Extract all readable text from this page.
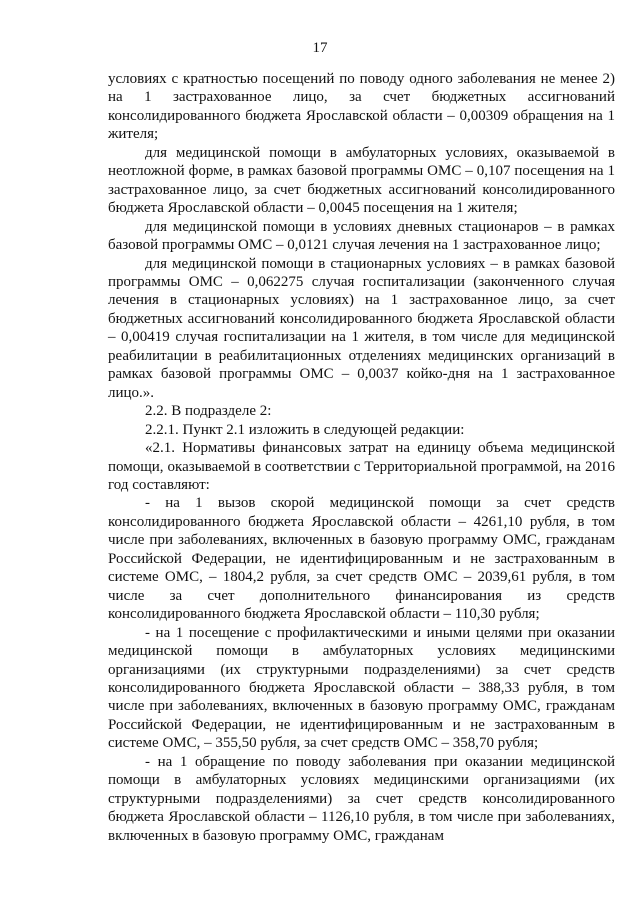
17

условиях с кратностью посещений по поводу одного заболевания не менее 2) на 1 застрахованное лицо, за счет бюджетных ассигнований консолидированного бюджета Ярославской области – 0,00309 обращения на 1 жителя;

для медицинской помощи в амбулаторных условиях, оказываемой в неотложной форме, в рамках базовой программы ОМС – 0,107 посещения на 1 застрахованное лицо, за счет бюджетных ассигнований консолидированного бюджета Ярославской области – 0,0045 посещения на 1 жителя;

для медицинской помощи в условиях дневных стационаров – в рамках базовой программы ОМС – 0,0121 случая лечения на 1 застрахованное лицо;

для медицинской помощи в стационарных условиях – в рамках базовой программы ОМС – 0,062275 случая госпитализации (законченного случая лечения в стационарных условиях) на 1 застрахованное лицо, за счет бюджетных ассигнований консолидированного бюджета Ярославской области – 0,00419 случая госпитализации на 1 жителя, в том числе для медицинской реабилитации в реабилитационных отделениях медицинских организаций в рамках базовой программы ОМС – 0,0037 койко-дня на 1 застрахованное лицо.».

2.2. В подразделе 2:

2.2.1. Пункт 2.1 изложить в следующей редакции:

«2.1. Нормативы финансовых затрат на единицу объема медицинской помощи, оказываемой в соответствии с Территориальной программой, на 2016 год составляют:

- на 1 вызов скорой медицинской помощи за счет средств консолидированного бюджета Ярославской области – 4261,10 рубля, в том числе при заболеваниях, включенных в базовую программу ОМС, гражданам Российской Федерации, не идентифицированным и не застрахованным в системе ОМС, – 1804,2 рубля, за счет средств ОМС – 2039,61 рубля, в том числе за счет дополнительного финансирования из средств консолидированного бюджета Ярославской области – 110,30 рубля;

- на 1 посещение с профилактическими и иными целями при оказании медицинской помощи в амбулаторных условиях медицинскими организациями (их структурными подразделениями) за счет средств консолидированного бюджета Ярославской области – 388,33 рубля, в том числе при заболеваниях, включенных в базовую программу ОМС, гражданам Российской Федерации, не идентифицированным и не застрахованным в системе ОМС, – 355,50 рубля, за счет средств ОМС – 358,70 рубля;

- на 1 обращение по поводу заболевания при оказании медицинской помощи в амбулаторных условиях медицинскими организациями (их структурными подразделениями) за счет средств консолидированного бюджета Ярославской области – 1126,10 рубля, в том числе при заболеваниях, включенных в базовую программу ОМС, гражданам
